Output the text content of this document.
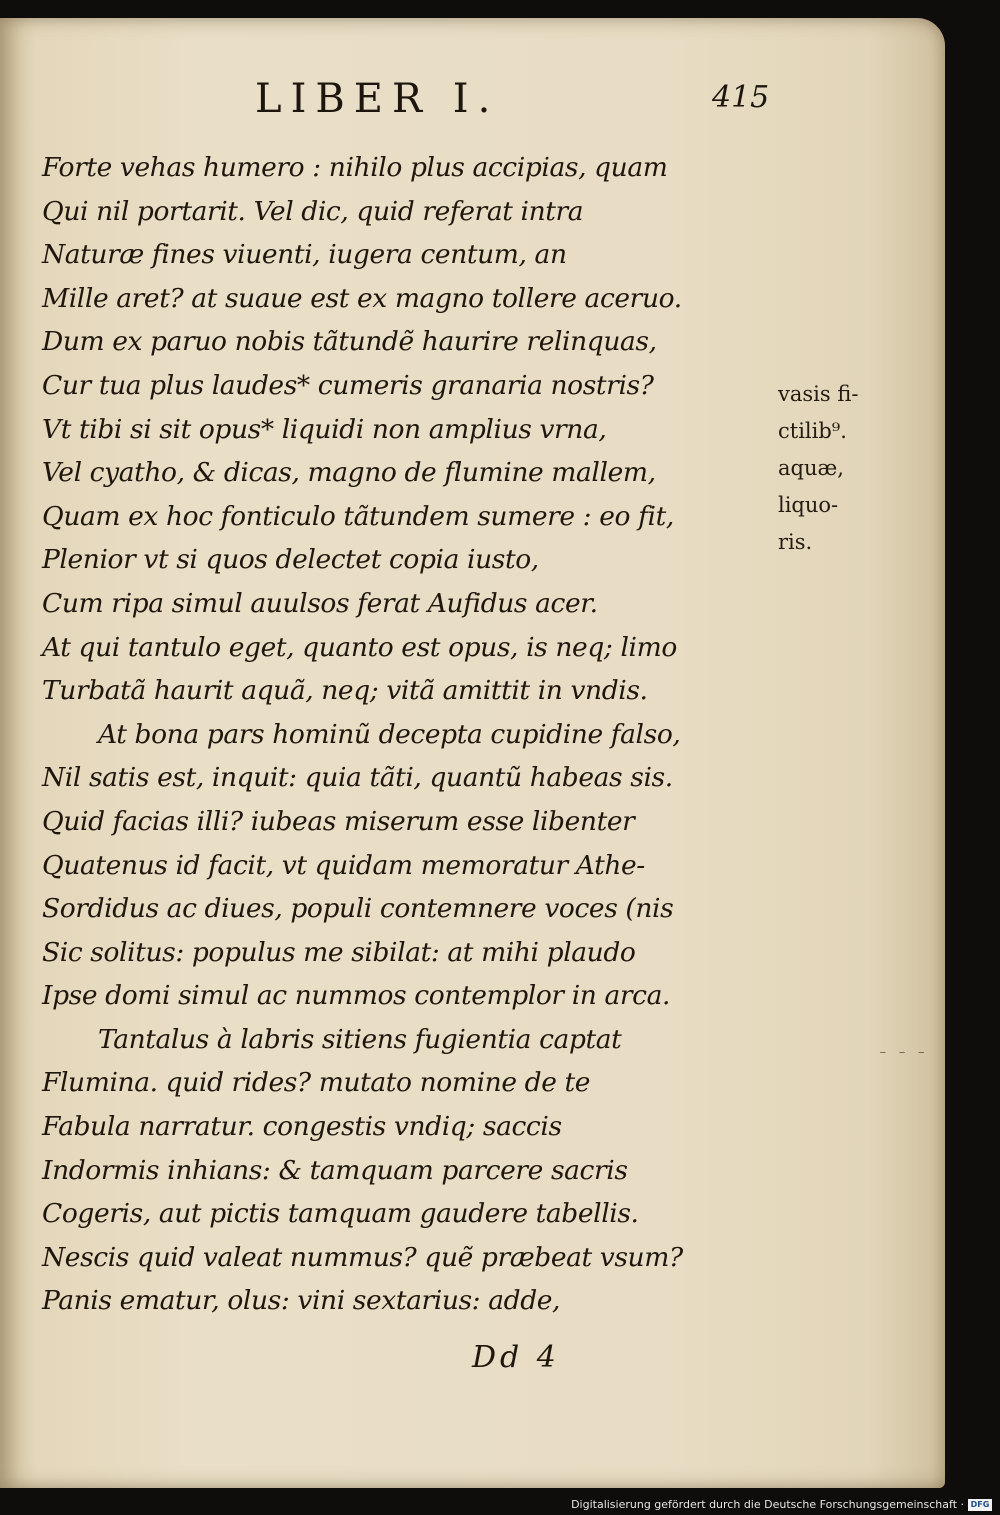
LIBER I.	415
Forte vehas humero : nihilo plus accipias, quam
Qui nil portarit. Vel dic, quid referat intra
Naturæ fines viuenti, iugera centum, an
Mille aret? at suaue est ex magno tollere aceruo.
Dum ex paruo nobis tãtundẽ haurire relinquas,
Cur tua plus laudes* cumeris granaria nostris?
Vt tibi si sit opus* liquidi non amplius vrna,
Vel cyatho, & dicas, magno de flumine mallem,
Quam ex hoc fonticulo tãtundem sumere : eo fit,
Plenior vt si quos delectet copia iusto,
Cum ripa simul auulsos ferat Aufidus acer.
At qui tantulo eget, quanto est opus, is neq; limo
Turbatã haurit aquã, neq; vitã amittit in vndis.
At bona pars hominũ decepta cupidine falso,
Nil satis est, inquit: quia tãti, quantũ habeas sis.
Quid facias illi? iubeas miserum esse libenter
Quatenus id facit, vt quidam memoratur Athe-
Sordidus ac diues, populi contemnere voces (nis
Sic solitus: populus me sibilat: at mihi plaudo
Ipse domi simul ac nummos contemplor in arca.
Tantalus à labris sitiens fugientia captat
Flumina. quid rides? mutato nomine de te
Fabula narratur. congestis vndiq; saccis
Indormis inhians: & tamquam parcere sacris
Cogeris, aut pictis tamquam gaudere tabellis.
Nescis quid valeat nummus? quẽ præbeat vsum?
Panis ematur, olus: vini sextarius: adde,
vasis fi-
ctilib⁹.
aquæ,
liquo-
ris.
⁻ ⁻ ⁻
Dd 4
Digitalisierung gefördert durch die Deutsche Forschungsgemeinschaft · DFG
